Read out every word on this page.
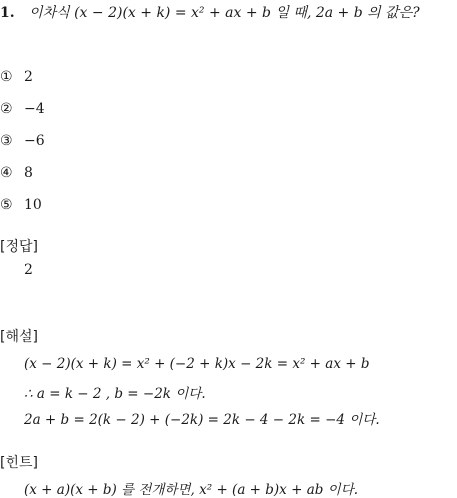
1. 이차식 (x − 2)(x + k) = x² + ax + b 일 때, 2a + b 의 값은?
① 2
② −4
③ −6
④ 8
⑤ 10
[정답]
2
[해설]
(x − 2)(x + k) = x² + (−2 + k)x − 2k = x² + ax + b
∴ a = k − 2 , b = −2k 이다.
2a + b = 2(k − 2) + (−2k) = 2k − 4 − 2k = −4 이다.
[힌트]
(x + a)(x + b) 를 전개하면, x² + (a + b)x + ab 이다.
